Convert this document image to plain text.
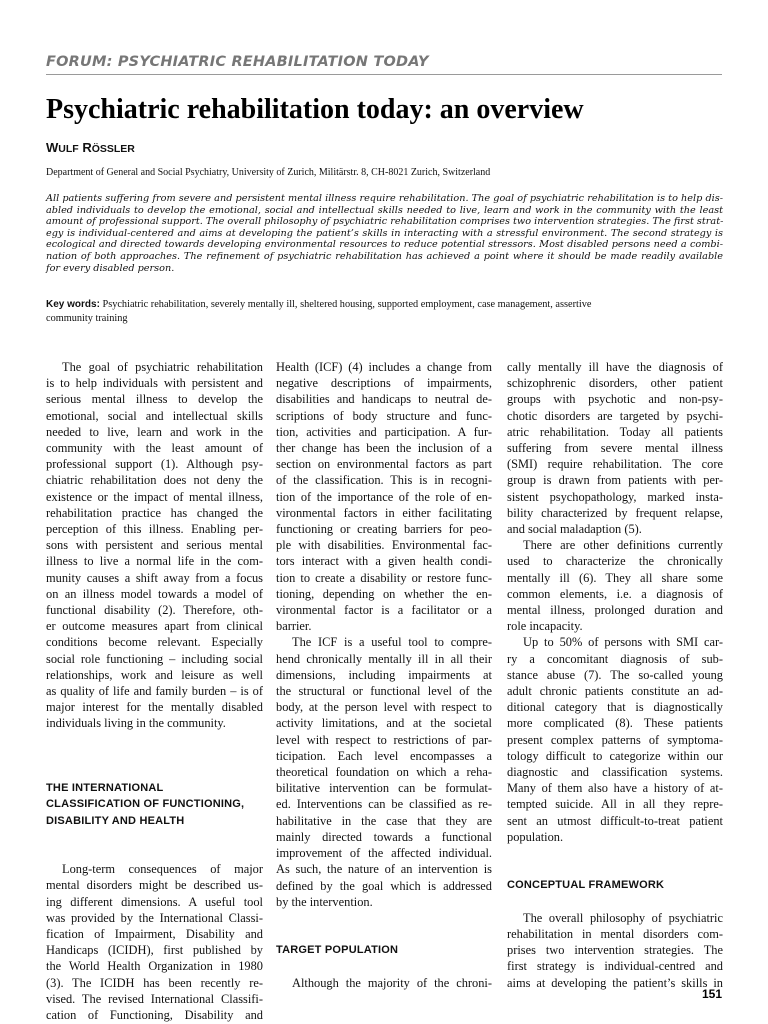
FORUM: PSYCHIATRIC REHABILITATION TODAY
Psychiatric rehabilitation today: an overview
WULF RÖSSLER
Department of General and Social Psychiatry, University of Zurich, Militärstr. 8, CH-8021 Zurich, Switzerland
All patients suffering from severe and persistent mental illness require rehabilitation. The goal of psychiatric rehabilitation is to help dis-
abled individuals to develop the emotional, social and intellectual skills needed to live, learn and work in the community with the least
amount of professional support. The overall philosophy of psychiatric rehabilitation comprises two intervention strategies. The first strat-
egy is individual-centered and aims at developing the patient’s skills in interacting with a stressful environment. The second strategy is
ecological and directed towards developing environmental resources to reduce potential stressors. Most disabled persons need a combi-
nation of both approaches. The refinement of psychiatric rehabilitation has achieved a point where it should be made readily available
for every disabled person.
Key words: Psychiatric rehabilitation, severely mentally ill, sheltered housing, supported employment, case management, assertive
community training
The goal of psychiatric rehabilitation
is to help individuals with persistent and
serious mental illness to develop the
emotional, social and intellectual skills
needed to live, learn and work in the
community with the least amount of
professional support (1). Although psy-
chiatric rehabilitation does not deny the
existence or the impact of mental illness,
rehabilitation practice has changed the
perception of this illness. Enabling per-
sons with persistent and serious mental
illness to live a normal life in the com-
munity causes a shift away from a focus
on an illness model towards a model of
functional disability (2). Therefore, oth-
er outcome measures apart from clinical
conditions become relevant. Especially
social role functioning – including social
relationships, work and leisure as well
as quality of life and family burden – is of
major interest for the mentally disabled
individuals living in the community.
THE INTERNATIONAL
CLASSIFICATION OF FUNCTIONING,
DISABILITY AND HEALTH
Long-term consequences of major
mental disorders might be described us-
ing different dimensions. A useful tool
was provided by the International Classi-
fication of Impairment, Disability and
Handicaps (ICIDH), first published by
the World Health Organization in 1980
(3). The ICIDH has been recently re-
vised. The revised International Classifi-
cation of Functioning, Disability and
Health (ICF) (4) includes a change from
negative descriptions of impairments,
disabilities and handicaps to neutral de-
scriptions of body structure and func-
tion, activities and participation. A fur-
ther change has been the inclusion of a
section on environmental factors as part
of the classification. This is in recogni-
tion of the importance of the role of en-
vironmental factors in either facilitating
functioning or creating barriers for peo-
ple with disabilities. Environmental fac-
tors interact with a given health condi-
tion to create a disability or restore func-
tioning, depending on whether the en-
vironmental factor is a facilitator or a
barrier.
The ICF is a useful tool to compre-
hend chronically mentally ill in all their
dimensions, including impairments at
the structural or functional level of the
body, at the person level with respect to
activity limitations, and at the societal
level with respect to restrictions of par-
ticipation. Each level encompasses a
theoretical foundation on which a reha-
bilitative intervention can be formulat-
ed. Interventions can be classified as re-
habilitative in the case that they are
mainly directed towards a functional
improvement of the affected individual.
As such, the nature of an intervention is
defined by the goal which is addressed
by the intervention.
TARGET POPULATION
Although the majority of the chroni-
cally mentally ill have the diagnosis of
schizophrenic disorders, other patient
groups with psychotic and non-psy-
chotic disorders are targeted by psychi-
atric rehabilitation. Today all patients
suffering from severe mental illness
(SMI) require rehabilitation. The core
group is drawn from patients with per-
sistent psychopathology, marked insta-
bility characterized by frequent relapse,
and social maladaption (5).
There are other definitions currently
used to characterize the chronically
mentally ill (6). They all share some
common elements, i.e. a diagnosis of
mental illness, prolonged duration and
role incapacity.
Up to 50% of persons with SMI car-
ry a concomitant diagnosis of sub-
stance abuse (7). The so-called young
adult chronic patients constitute an ad-
ditional category that is diagnostically
more complicated (8). These patients
present complex patterns of symptoma-
tology difficult to categorize within our
diagnostic and classification systems.
Many of them also have a history of at-
tempted suicide. All in all they repre-
sent an utmost difficult-to-treat patient
population.
CONCEPTUAL FRAMEWORK
The overall philosophy of psychiatric
rehabilitation in mental disorders com-
prises two intervention strategies. The
first strategy is individual-centred and
aims at developing the patient’s skills in
151
